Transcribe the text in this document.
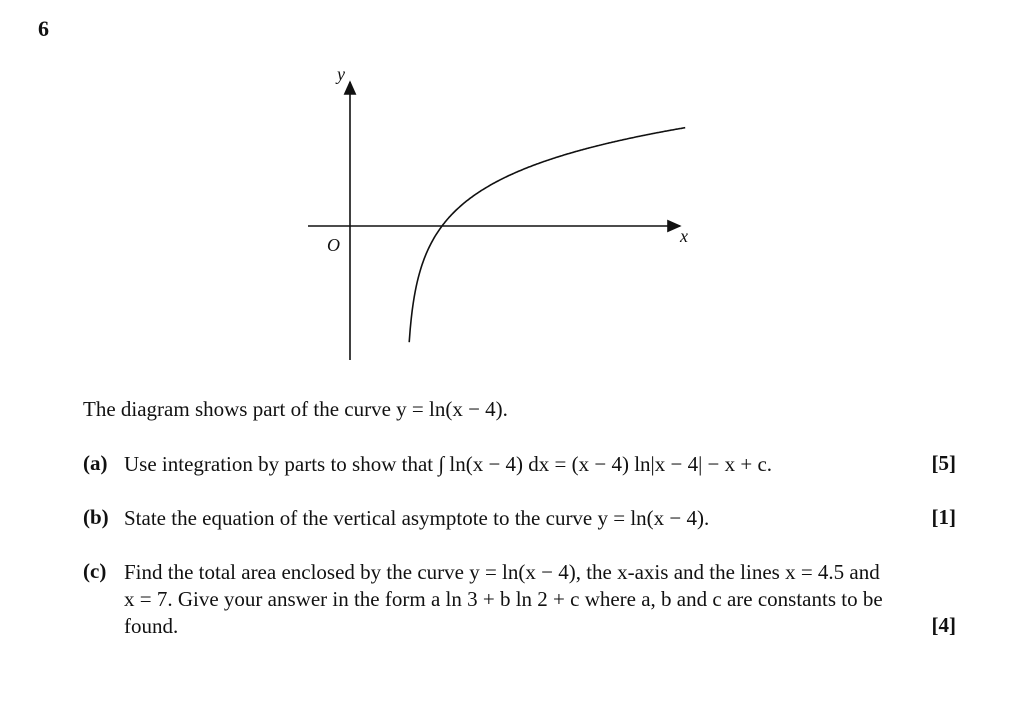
6
y
x
O
The diagram shows part of the curve y = ln(x − 4).
(a) Use integration by parts to show that ∫ ln(x − 4) dx = (x − 4) ln|x − 4| − x + c.	[5]
(b) State the equation of the vertical asymptote to the curve y = ln(x − 4).	[1]
(c) Find the total area enclosed by the curve y = ln(x − 4), the x-axis and the lines x = 4.5 and
x = 7. Give your answer in the form a ln 3 + b ln 2 + c where a, b and c are constants to be
found.	[4]
